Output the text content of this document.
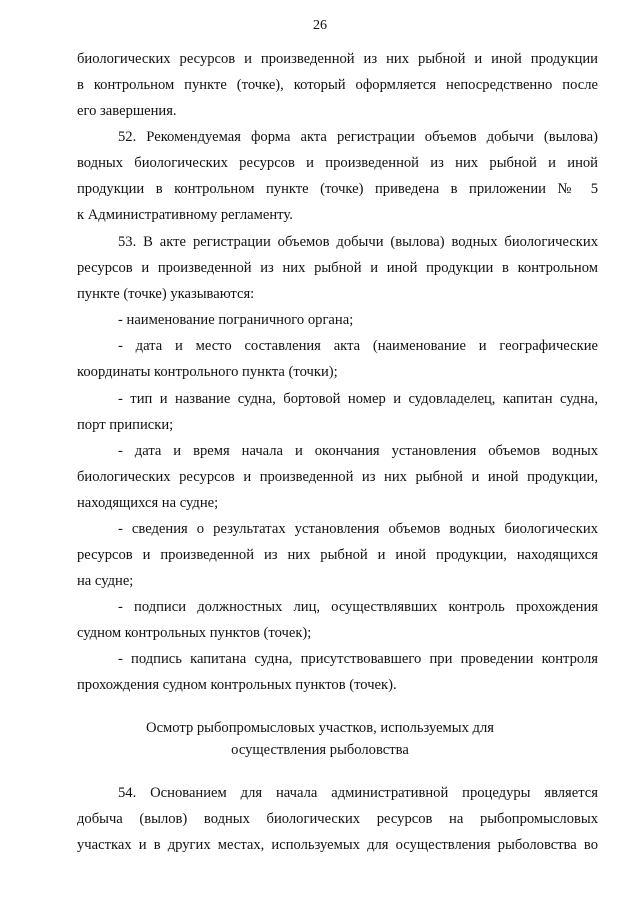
26
биологических ресурсов и произведенной из них рыбной и иной продукции
в контрольном пункте (точке), который оформляется непосредственно после
его завершения.
52. Рекомендуемая форма акта регистрации объемов добычи (вылова)
водных биологических ресурсов и произведенной из них рыбной и иной
продукции в контрольном пункте (точке) приведена в приложении № 5
к Административному регламенту.
53. В акте регистрации объемов добычи (вылова) водных биологических
ресурсов и произведенной из них рыбной и иной продукции в контрольном
пункте (точке) указываются:
- наименование пограничного органа;
- дата и место составления акта (наименование и географические
координаты контрольного пункта (точки);
- тип и название судна, бортовой номер и судовладелец, капитан судна,
порт приписки;
- дата и время начала и окончания установления объемов водных
биологических ресурсов и произведенной из них рыбной и иной продукции,
находящихся на судне;
- сведения о результатах установления объемов водных биологических
ресурсов и произведенной из них рыбной и иной продукции, находящихся
на судне;
- подписи должностных лиц, осуществлявших контроль прохождения
судном контрольных пунктов (точек);
- подпись капитана судна, присутствовавшего при проведении контроля
прохождения судном контрольных пунктов (точек).
Осмотр рыбопромысловых участков, используемых для
осуществления рыболовства
54. Основанием для начала административной процедуры является
добыча (вылов) водных биологических ресурсов на рыбопромысловых
участках и в других местах, используемых для осуществления рыболовства во
